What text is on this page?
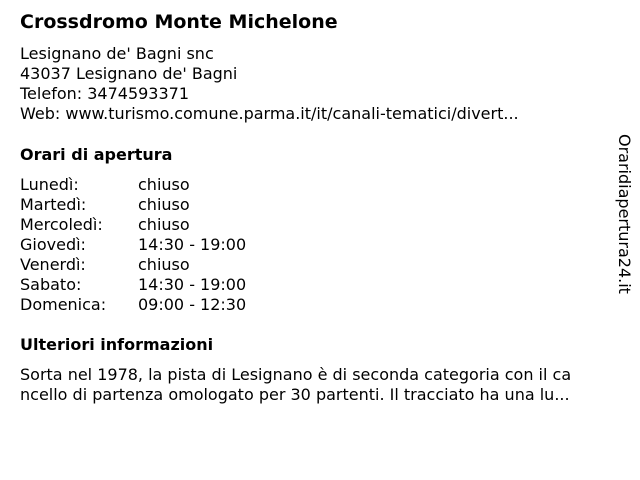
Crossdromo Monte Michelone
Lesignano de' Bagni snc
43037 Lesignano de' Bagni
Telefon: 3474593371
Web: www.turismo.comune.parma.it/it/canali-tematici/divert...
Orari di apertura
Lunedì:	chiuso
Martedì:	chiuso
Mercoledì: chiuso
Giovedì:	14:30 - 19:00
Venerdì:	chiuso
Sabato:	14:30 - 19:00
Domenica: 09:00 - 12:30
Ulteriori informazioni
Sorta nel 1978, la pista di Lesignano è di seconda categoria con il ca
ncello di partenza omologato per 30 partenti. Il tracciato ha una lu...
Oraridiapertura24.it
